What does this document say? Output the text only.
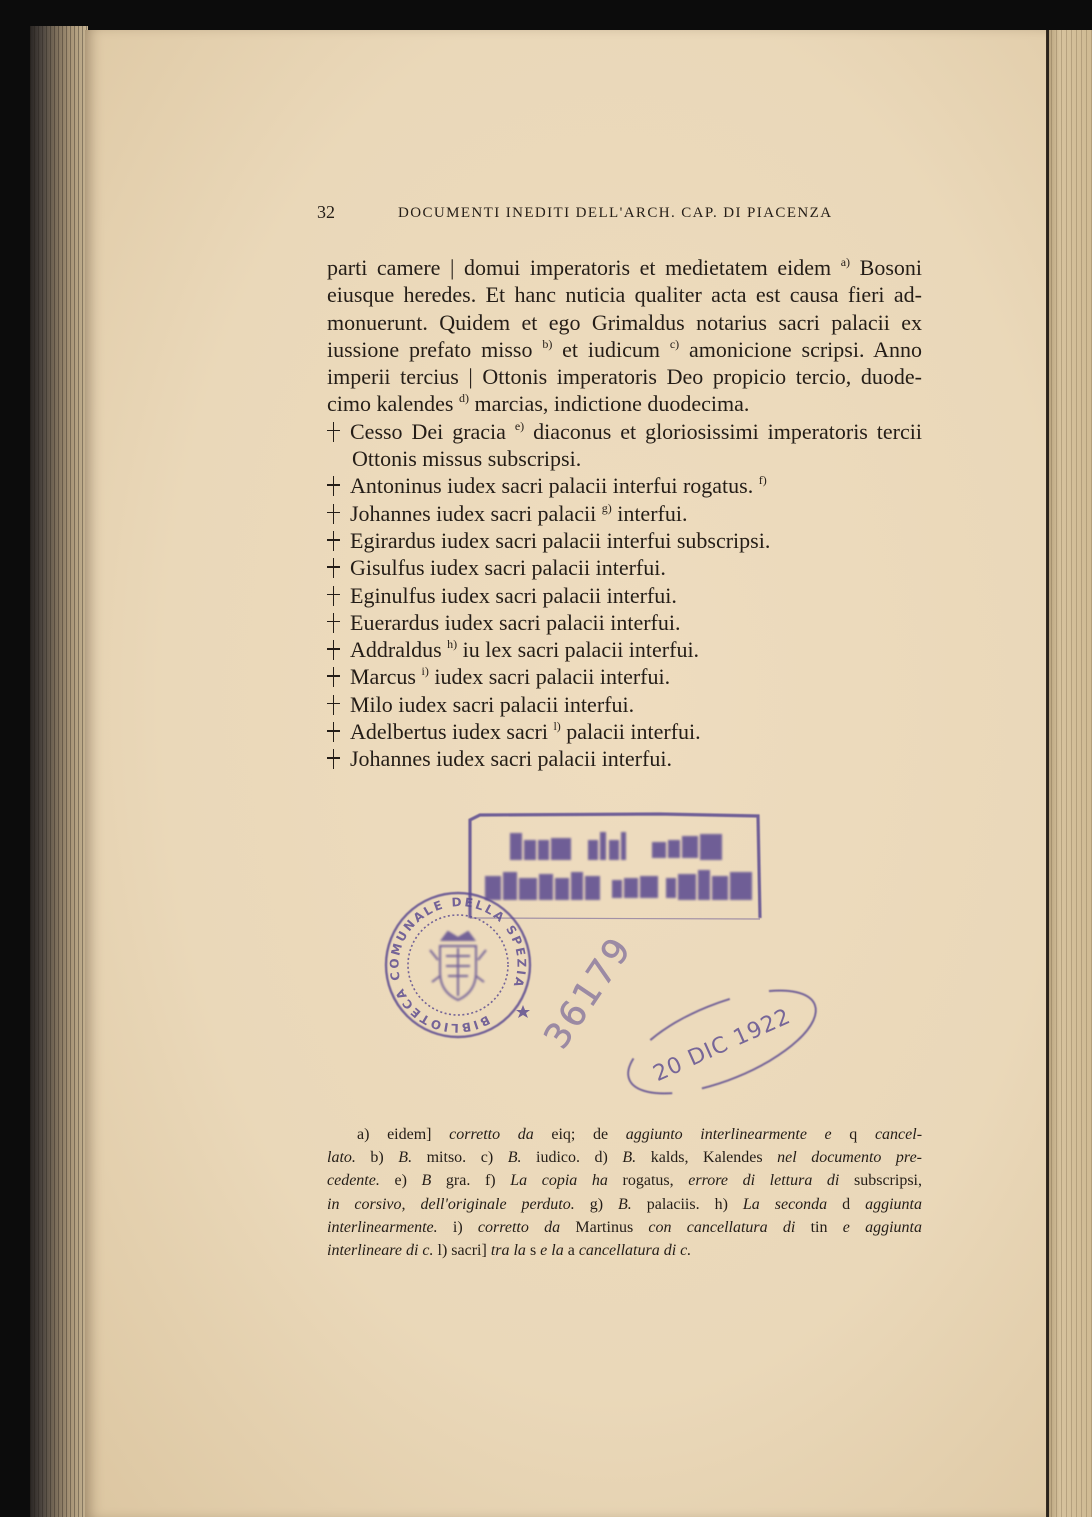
32	DOCUMENTI INEDITI DELL'ARCH. CAP. DI PIACENZA
parti camere | domui imperatoris et medietatem eidem $^{a)}$ Bosoni
eiusque heredes. Et hanc nuticia qualiter acta est causa fieri ad-
monuerunt. Quidem et ego Grimaldus notarius sacri palacii ex
iussione prefato misso $^{b)}$ et iudicum $^{c)}$ amonicione scripsi. Anno
imperii tercius | Ottonis imperatoris Deo propicio tercio, duode-
cimo kalendes $^{d)}$ marcias, indictione duodecima.
Cesso Dei gracia $^{e)}$ diaconus et gloriosissimi imperatoris tercii
Ottonis missus subscripsi.
Antoninus iudex sacri palacii interfui rogatus. $^{f)}$
Johannes iudex sacri palacii $^{g)}$ interfui.
Egirardus iudex sacri palacii interfui subscripsi.
Gisulfus iudex sacri palacii interfui.
Eginulfus iudex sacri palacii interfui.
Euerardus iudex sacri palacii interfui.
Addraldus $^{h)}$ iu lex sacri palacii interfui.
Marcus $^{i)}$ iudex sacri palacii interfui.
Milo iudex sacri palacii interfui.
Adelbertus iudex sacri $^{l)}$ palacii interfui.
Johannes iudex sacri palacii interfui.
BIBLIOTECA COMUNALE DELLA SPEZIA 36179 20 DIC 1922
a) eidem] corretto da eiq; de aggiunto interlinearmente e q cancel-
lato. b) B. mitso. c) B. iudico. d) B. kalds, Kalendes nel documento pre-
cedente. e) B gra. f) La copia ha rogatus, errore di lettura di subscripsi,
in corsivo, dell'originale perduto. g) B. palaciis. h) La seconda d aggiunta
interlinearmente. i) corretto da Martinus con cancellatura di tin e aggiunta
interlineare di c. l) sacri] tra la s e la a cancellatura di c.
